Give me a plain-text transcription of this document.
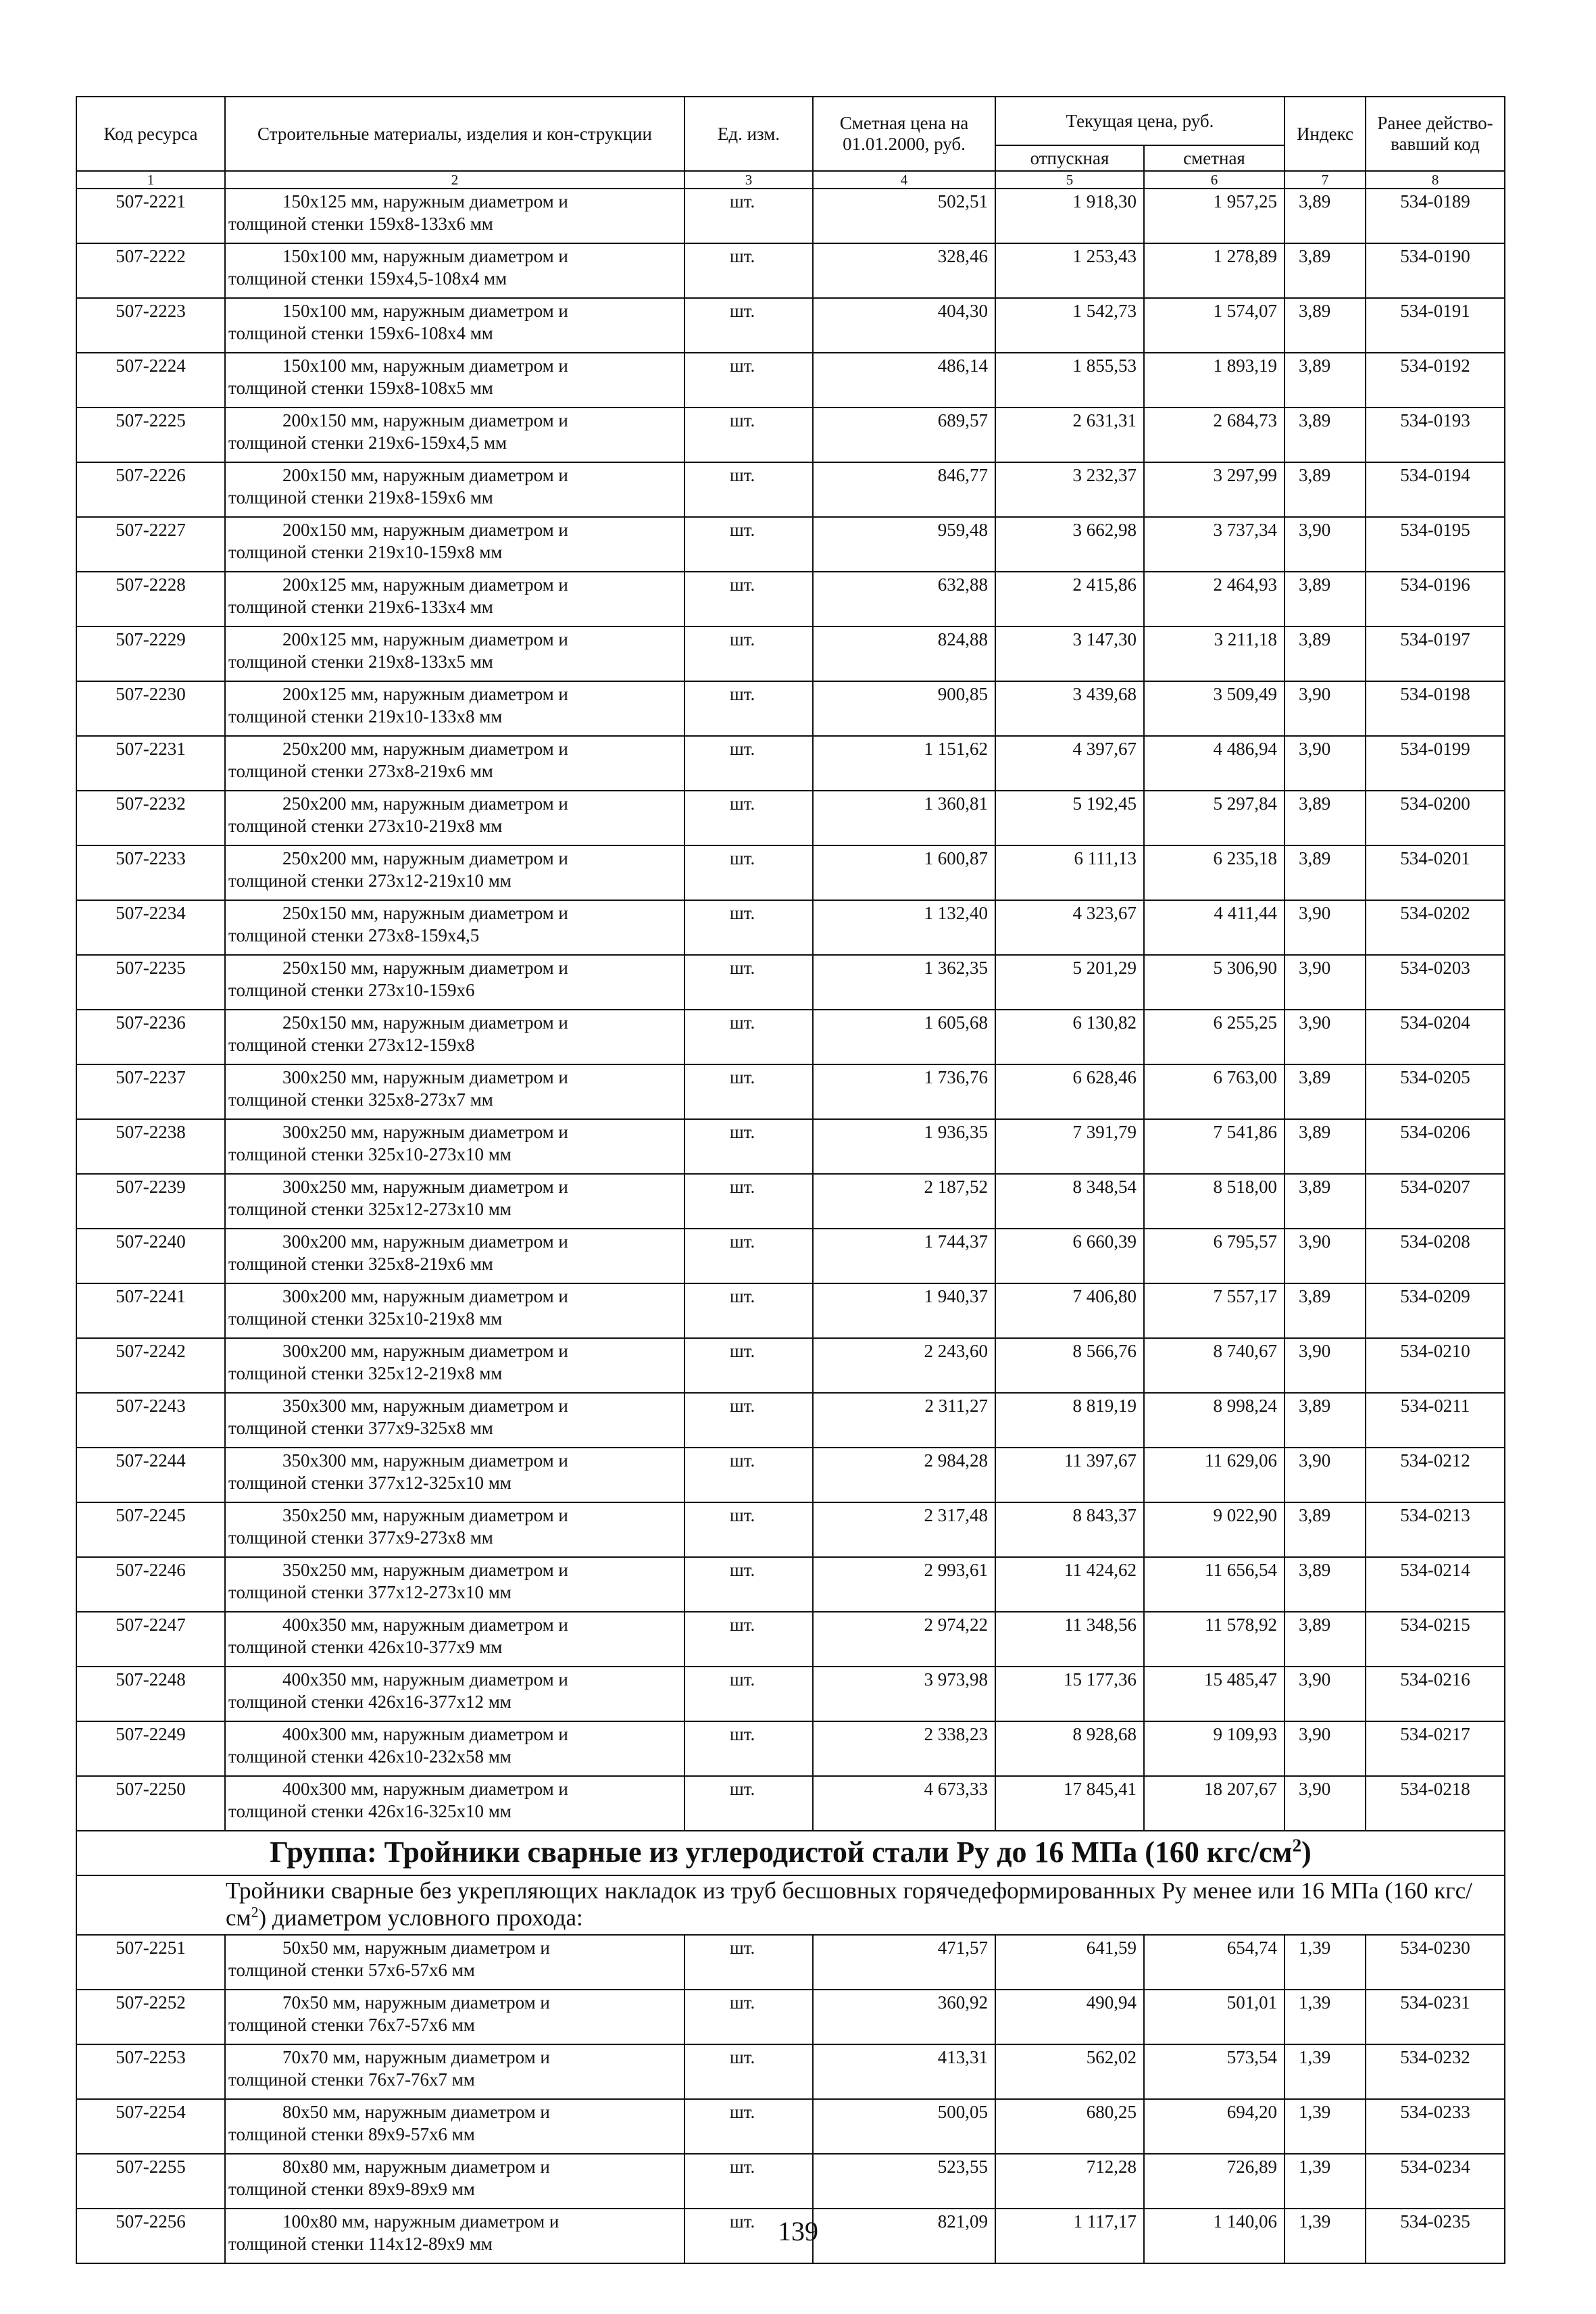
Код ресурса	Строительные материалы, изделия и кон-струкции	Ед. изм.	Сметная цена на 01.01.2000, руб.	Текущая цена, руб.		Индекс	Ранее действо-вавший код
				отпускная	сметная		
1	2	3	4	5	6	7	8
507-2221	150x125 мм, наружным диаметром и
толщиной стенки 159x8-133x6 мм	шт.	502,51	1 918,30	1 957,25	3,89	534-0189
507-2222	150x100 мм, наружным диаметром и
толщиной стенки 159x4,5-108x4 мм	шт.	328,46	1 253,43	1 278,89	3,89	534-0190
507-2223	150x100 мм, наружным диаметром и
толщиной стенки 159x6-108x4 мм	шт.	404,30	1 542,73	1 574,07	3,89	534-0191
507-2224	150x100 мм, наружным диаметром и
толщиной стенки 159x8-108x5 мм	шт.	486,14	1 855,53	1 893,19	3,89	534-0192
507-2225	200x150 мм, наружным диаметром и
толщиной стенки 219x6-159x4,5 мм	шт.	689,57	2 631,31	2 684,73	3,89	534-0193
507-2226	200x150 мм, наружным диаметром и
толщиной стенки 219x8-159x6 мм	шт.	846,77	3 232,37	3 297,99	3,89	534-0194
507-2227	200x150 мм, наружным диаметром и
толщиной стенки 219x10-159x8 мм	шт.	959,48	3 662,98	3 737,34	3,90	534-0195
507-2228	200x125 мм, наружным диаметром и
толщиной стенки 219x6-133x4 мм	шт.	632,88	2 415,86	2 464,93	3,89	534-0196
507-2229	200x125 мм, наружным диаметром и
толщиной стенки 219x8-133x5 мм	шт.	824,88	3 147,30	3 211,18	3,89	534-0197
507-2230	200x125 мм, наружным диаметром и
толщиной стенки 219x10-133x8 мм	шт.	900,85	3 439,68	3 509,49	3,90	534-0198
507-2231	250x200 мм, наружным диаметром и
толщиной стенки 273x8-219x6 мм	шт.	1 151,62	4 397,67	4 486,94	3,90	534-0199
507-2232	250x200 мм, наружным диаметром и
толщиной стенки 273x10-219x8 мм	шт.	1 360,81	5 192,45	5 297,84	3,89	534-0200
507-2233	250x200 мм, наружным диаметром и
толщиной стенки 273x12-219x10 мм	шт.	1 600,87	6 111,13	6 235,18	3,89	534-0201
507-2234	250x150 мм, наружным диаметром и
толщиной стенки 273x8-159x4,5	шт.	1 132,40	4 323,67	4 411,44	3,90	534-0202
507-2235	250x150 мм, наружным диаметром и
толщиной стенки 273x10-159x6	шт.	1 362,35	5 201,29	5 306,90	3,90	534-0203
507-2236	250x150 мм, наружным диаметром и
толщиной стенки 273x12-159x8	шт.	1 605,68	6 130,82	6 255,25	3,90	534-0204
507-2237	300x250 мм, наружным диаметром и
толщиной стенки 325x8-273x7 мм	шт.	1 736,76	6 628,46	6 763,00	3,89	534-0205
507-2238	300x250 мм, наружным диаметром и
толщиной стенки 325x10-273x10 мм	шт.	1 936,35	7 391,79	7 541,86	3,89	534-0206
507-2239	300x250 мм, наружным диаметром и
толщиной стенки 325x12-273x10 мм	шт.	2 187,52	8 348,54	8 518,00	3,89	534-0207
507-2240	300x200 мм, наружным диаметром и
толщиной стенки 325x8-219x6 мм	шт.	1 744,37	6 660,39	6 795,57	3,90	534-0208
507-2241	300x200 мм, наружным диаметром и
толщиной стенки 325x10-219x8 мм	шт.	1 940,37	7 406,80	7 557,17	3,89	534-0209
507-2242	300x200 мм, наружным диаметром и
толщиной стенки 325x12-219x8 мм	шт.	2 243,60	8 566,76	8 740,67	3,90	534-0210
507-2243	350x300 мм, наружным диаметром и
толщиной стенки 377x9-325x8 мм	шт.	2 311,27	8 819,19	8 998,24	3,89	534-0211
507-2244	350x300 мм, наружным диаметром и
толщиной стенки 377x12-325x10 мм	шт.	2 984,28	11 397,67	11 629,06	3,90	534-0212
507-2245	350x250 мм, наружным диаметром и
толщиной стенки 377x9-273x8 мм	шт.	2 317,48	8 843,37	9 022,90	3,89	534-0213
507-2246	350x250 мм, наружным диаметром и
толщиной стенки 377x12-273x10 мм	шт.	2 993,61	11 424,62	11 656,54	3,89	534-0214
507-2247	400x350 мм, наружным диаметром и
толщиной стенки 426x10-377x9 мм	шт.	2 974,22	11 348,56	11 578,92	3,89	534-0215
507-2248	400x350 мм, наружным диаметром и
толщиной стенки 426x16-377x12 мм	шт.	3 973,98	15 177,36	15 485,47	3,90	534-0216
507-2249	400x300 мм, наружным диаметром и
толщиной стенки 426x10-232x58 мм	шт.	2 338,23	8 928,68	9 109,93	3,90	534-0217
507-2250	400x300 мм, наружным диаметром и
толщиной стенки 426x16-325x10 мм	шт.	4 673,33	17 845,41	18 207,67	3,90	534-0218
Группа: Тройники сварные из углеродистой стали Ру до 16 МПа (160 кгс/$см^2$)							
Тройники сварные без укрепляющих накладок из труб бесшовных горячедеформированных Ру менее или 16 МПа (160 кгс/$см^2$) диаметром условного прохода:							
507-2251	50x50 мм, наружным диаметром и
толщиной стенки 57x6-57x6 мм	шт.	471,57	641,59	654,74	1,39	534-0230
507-2252	70x50 мм, наружным диаметром и
толщиной стенки 76x7-57x6 мм	шт.	360,92	490,94	501,01	1,39	534-0231
507-2253	70x70 мм, наружным диаметром и
толщиной стенки 76x7-76x7 мм	шт.	413,31	562,02	573,54	1,39	534-0232
507-2254	80x50 мм, наружным диаметром и
толщиной стенки 89x9-57x6 мм	шт.	500,05	680,25	694,20	1,39	534-0233
507-2255	80x80 мм, наружным диаметром и
толщиной стенки 89x9-89x9 мм	шт.	523,55	712,28	726,89	1,39	534-0234
507-2256	100x80 мм, наружным диаметром и
толщиной стенки 114x12-89x9 мм	шт.	821,09	1 117,17	1 140,06	1,39	534-0235
139
